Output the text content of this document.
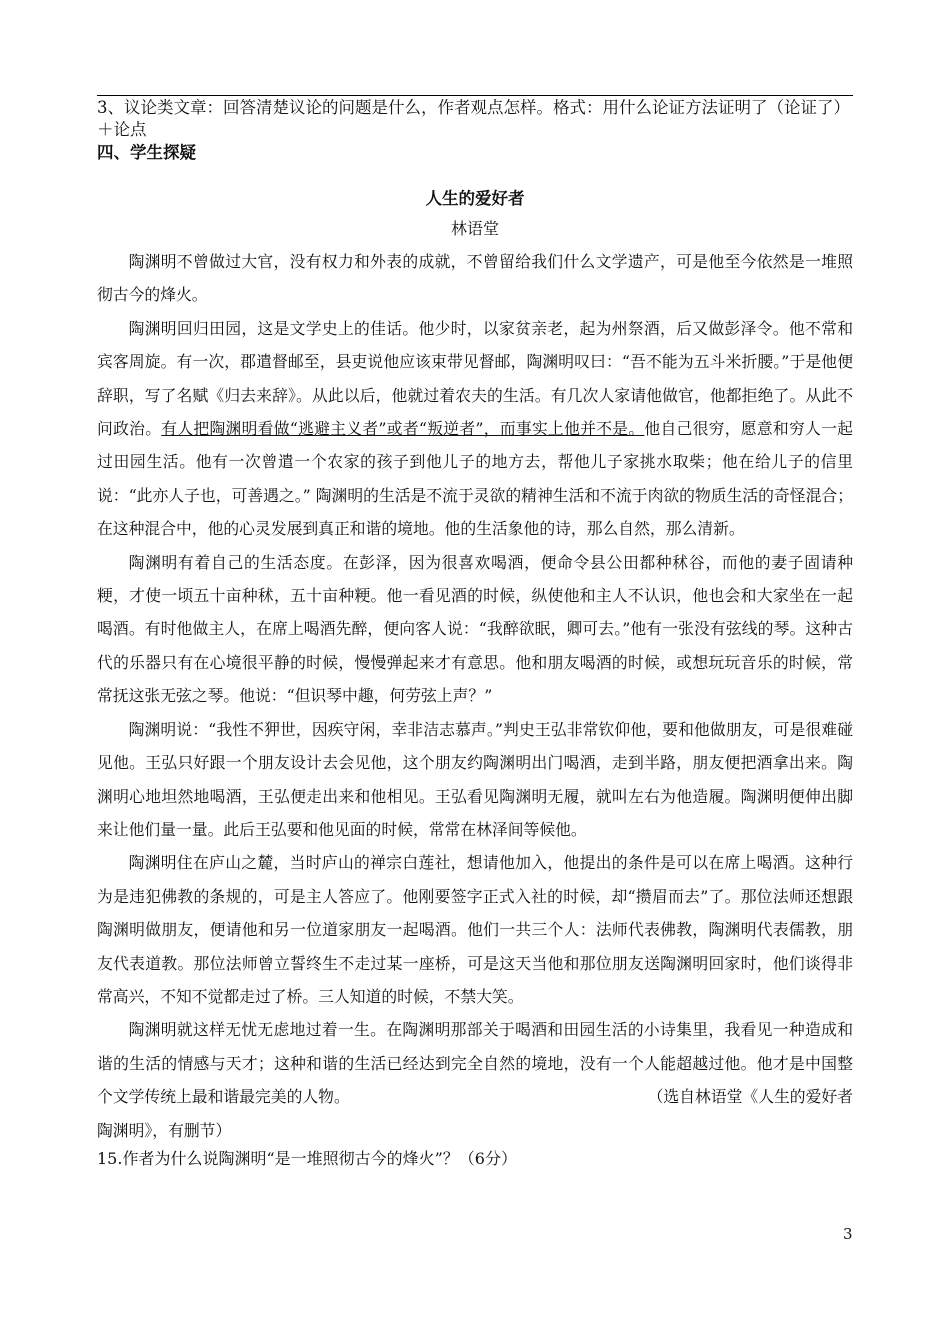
3、议论类文章：回答清楚议论的问题是什么，作者观点怎样。格式：用什么论证方法证明了（论证了）＋论点

四、学生探疑

人生的爱好者
林语堂

陶渊明不曾做过大官，没有权力和外表的成就，不曾留给我们什么文学遗产，可是他至今依然是一堆照彻古今的烽火。

陶渊明回归田园，这是文学史上的佳话。他少时，以家贫亲老，起为州祭酒，后又做彭泽令。他不常和宾客周旋。有一次，郡遣督邮至，县吏说他应该束带见督邮，陶渊明叹曰：“吾不能为五斗米折腰。”于是他便辞职，写了名赋《归去来辞》。从此以后，他就过着农夫的生活。有几次人家请他做官，他都拒绝了。从此不问政治。有人把陶渊明看做“逃避主义者”或者“叛逆者”，而事实上他并不是。他自己很穷，愿意和穷人一起过田园生活。他有一次曾遣一个农家的孩子到他儿子的地方去，帮他儿子家挑水取柴；他在给儿子的信里说：“此亦人子也，可善遇之。” 陶渊明的生活是不流于灵欲的精神生活和不流于肉欲的物质生活的奇怪混合；在这种混合中，他的心灵发展到真正和谐的境地。他的生活象他的诗，那么自然，那么清新。

陶渊明有着自己的生活态度。在彭泽，因为很喜欢喝酒，便命令县公田都种秫谷，而他的妻子固请种粳，才使一顷五十亩种秫，五十亩种粳。他一看见酒的时候，纵使他和主人不认识，他也会和大家坐在一起喝酒。有时他做主人，在席上喝酒先醉，便向客人说：“我醉欲眠，卿可去。”他有一张没有弦线的琴。这种古代的乐器只有在心境很平静的时候，慢慢弹起来才有意思。他和朋友喝酒的时候，或想玩玩音乐的时候，常常抚这张无弦之琴。他说：“但识琴中趣，何劳弦上声？”

陶渊明说：“我性不狎世，因疾守闲，幸非洁志慕声。”判史王弘非常钦仰他，要和他做朋友，可是很难碰见他。王弘只好跟一个朋友设计去会见他，这个朋友约陶渊明出门喝酒，走到半路，朋友便把酒拿出来。陶渊明心地坦然地喝酒，王弘便走出来和他相见。王弘看见陶渊明无履，就叫左右为他造履。陶渊明便伸出脚来让他们量一量。此后王弘要和他见面的时候，常常在林泽间等候他。

陶渊明住在庐山之麓，当时庐山的禅宗白莲社，想请他加入，他提出的条件是可以在席上喝酒。这种行为是违犯佛教的条规的，可是主人答应了。他刚要签字正式入社的时候，却“攒眉而去”了。那位法师还想跟陶渊明做朋友，便请他和另一位道家朋友一起喝酒。他们一共三个人：法师代表佛教，陶渊明代表儒教，朋友代表道教。那位法师曾立誓终生不走过某一座桥，可是这天当他和那位朋友送陶渊明回家时，他们谈得非常高兴，不知不觉都走过了桥。三人知道的时候，不禁大笑。

陶渊明就这样无忧无虑地过着一生。在陶渊明那部关于喝酒和田园生活的小诗集里，我看见一种造成和谐的生活的情感与天才；这种和谐的生活已经达到完全自然的境地，没有一个人能超越过他。他才是中国整个文学传统上最和谐最完美的人物。	（选自林语堂《人生的爱好者

陶渊明》，有删节）

15.作者为什么说陶渊明“是一堆照彻古今的烽火”？（6分）

3
